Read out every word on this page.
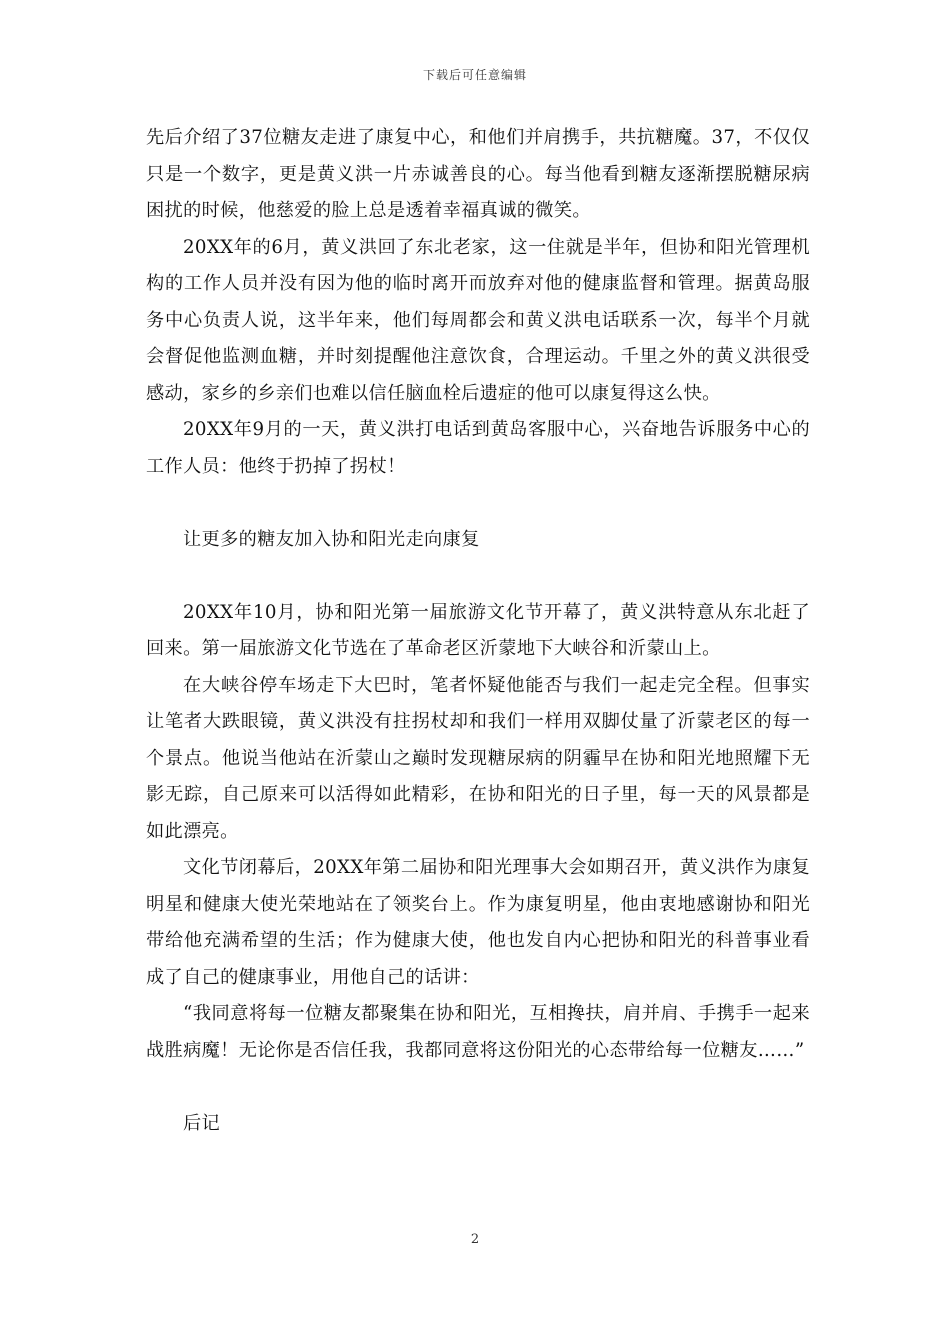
下载后可任意编辑

先后介绍了37位糖友走进了康复中心，和他们并肩携手，共抗糖魔。37，不仅仅只是一个数字，更是黄义洪一片赤诚善良的心。每当他看到糖友逐渐摆脱糖尿病困扰的时候，他慈爱的脸上总是透着幸福真诚的微笑。

20XX年的6月，黄义洪回了东北老家，这一住就是半年，但协和阳光管理机构的工作人员并没有因为他的临时离开而放弃对他的健康监督和管理。据黄岛服务中心负责人说，这半年来，他们每周都会和黄义洪电话联系一次，每半个月就会督促他监测血糖，并时刻提醒他注意饮食，合理运动。千里之外的黄义洪很受感动，家乡的乡亲们也难以信任脑血栓后遗症的他可以康复得这么快。

20XX年9月的一天，黄义洪打电话到黄岛客服中心，兴奋地告诉服务中心的工作人员：他终于扔掉了拐杖！

让更多的糖友加入协和阳光走向康复

20XX年10月，协和阳光第一届旅游文化节开幕了，黄义洪特意从东北赶了回来。第一届旅游文化节选在了革命老区沂蒙地下大峡谷和沂蒙山上。

在大峡谷停车场走下大巴时，笔者怀疑他能否与我们一起走完全程。但事实让笔者大跌眼镜，黄义洪没有拄拐杖却和我们一样用双脚仗量了沂蒙老区的每一个景点。他说当他站在沂蒙山之巅时发现糖尿病的阴霾早在协和阳光地照耀下无影无踪，自己原来可以活得如此精彩，在协和阳光的日子里，每一天的风景都是如此漂亮。

文化节闭幕后，20XX年第二届协和阳光理事大会如期召开，黄义洪作为康复明星和健康大使光荣地站在了领奖台上。作为康复明星，他由衷地感谢协和阳光带给他充满希望的生活；作为健康大使，他也发自内心把协和阳光的科普事业看成了自己的健康事业，用他自己的话讲：

“我同意将每一位糖友都聚集在协和阳光，互相搀扶，肩并肩、手携手一起来战胜病魔！无论你是否信任我，我都同意将这份阳光的心态带给每一位糖友……”

后记

2
